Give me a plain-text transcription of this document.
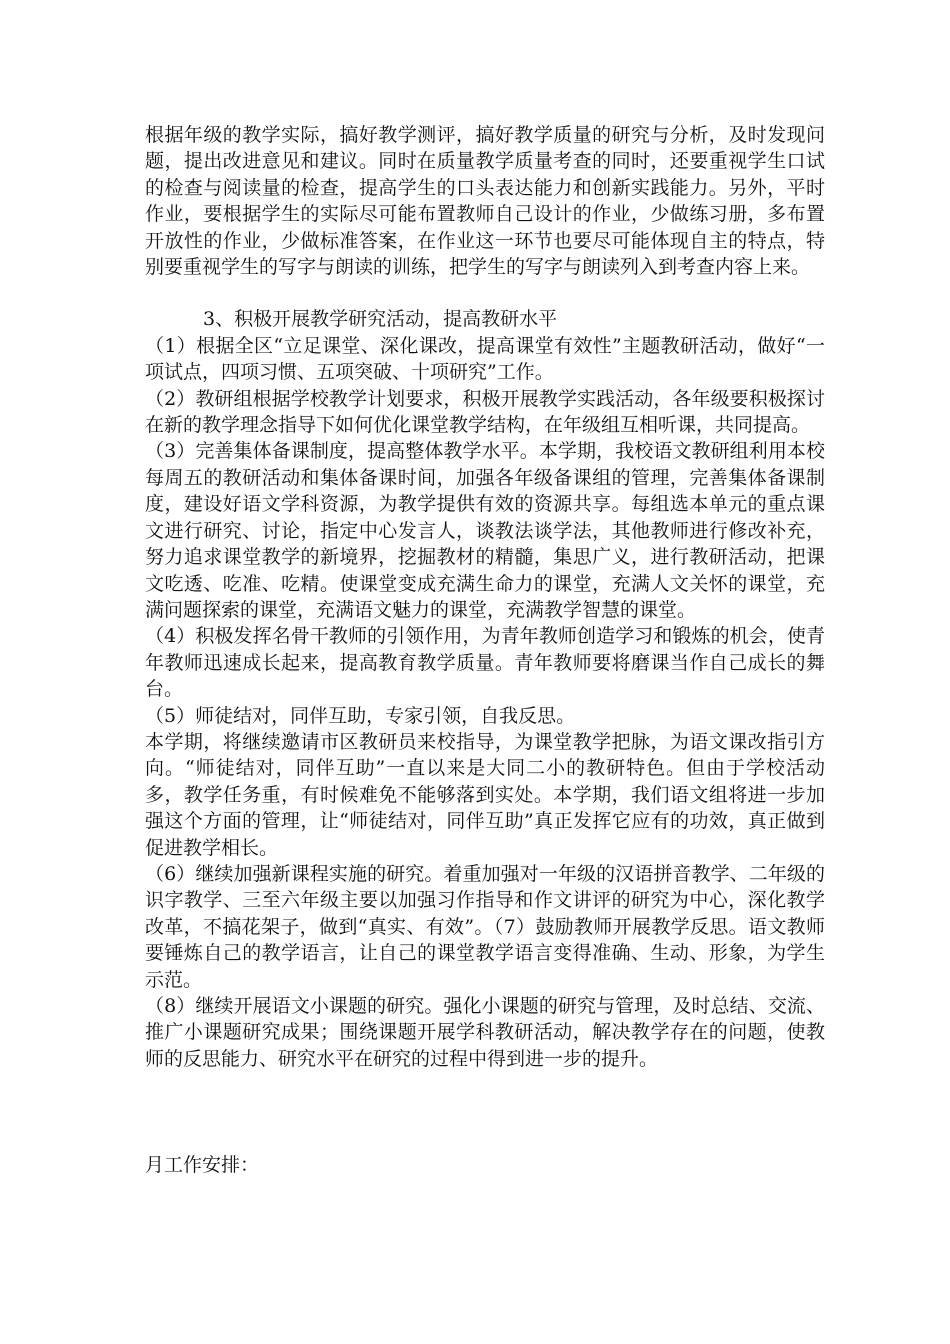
根据年级的教学实际，搞好教学测评，搞好教学质量的研究与分析，及时发现问题，提出改进意见和建议。同时在质量教学质量考查的同时，还要重视学生口试的检查与阅读量的检查，提高学生的口头表达能力和创新实践能力。另外，平时作业，要根据学生的实际尽可能布置教师自己设计的作业，少做练习册，多布置开放性的作业，少做标准答案，在作业这一环节也要尽可能体现自主的特点，特别要重视学生的写字与朗读的训练，把学生的写字与朗读列入到考查内容上来。

3、积极开展教学研究活动，提高教研水平

（1）根据全区“立足课堂、深化课改，提高课堂有效性”主题教研活动，做好“一项试点，四项习惯、五项突破、十项研究”工作。

（2）教研组根据学校教学计划要求，积极开展教学实践活动，各年级要积极探讨在新的教学理念指导下如何优化课堂教学结构，在年级组互相听课，共同提高。

（3）完善集体备课制度，提高整体教学水平。本学期，我校语文教研组利用本校每周五的教研活动和集体备课时间，加强各年级备课组的管理，完善集体备课制度，建设好语文学科资源，为教学提供有效的资源共享。每组选本单元的重点课文进行研究、讨论，指定中心发言人，谈教法谈学法，其他教师进行修改补充，努力追求课堂教学的新境界，挖掘教材的精髓，集思广义，进行教研活动，把课文吃透、吃准、吃精。使课堂变成充满生命力的课堂，充满人文关怀的课堂，充满问题探索的课堂，充满语文魅力的课堂，充满教学智慧的课堂。

（4）积极发挥名骨干教师的引领作用，为青年教师创造学习和锻炼的机会，使青年教师迅速成长起来，提高教育教学质量。青年教师要将磨课当作自己成长的舞台。

（5）师徒结对，同伴互助，专家引领，自我反思。

本学期，将继续邀请市区教研员来校指导，为课堂教学把脉，为语文课改指引方向。“师徒结对，同伴互助”一直以来是大同二小的教研特色。但由于学校活动多，教学任务重，有时候难免不能够落到实处。本学期，我们语文组将进一步加强这个方面的管理，让“师徒结对，同伴互助”真正发挥它应有的功效，真正做到促进教学相长。

（6）继续加强新课程实施的研究。着重加强对一年级的汉语拼音教学、二年级的识字教学、三至六年级主要以加强习作指导和作文讲评的研究为中心，深化教学改革，不搞花架子，做到“真实、有效”。（7）鼓励教师开展教学反思。语文教师要锤炼自己的教学语言，让自己的课堂教学语言变得准确、生动、形象，为学生示范。

（8）继续开展语文小课题的研究。强化小课题的研究与管理，及时总结、交流、推广小课题研究成果；围绕课题开展学科教研活动，解决教学存在的问题，使教师的反思能力、研究水平在研究的过程中得到进一步的提升。

月工作安排：
